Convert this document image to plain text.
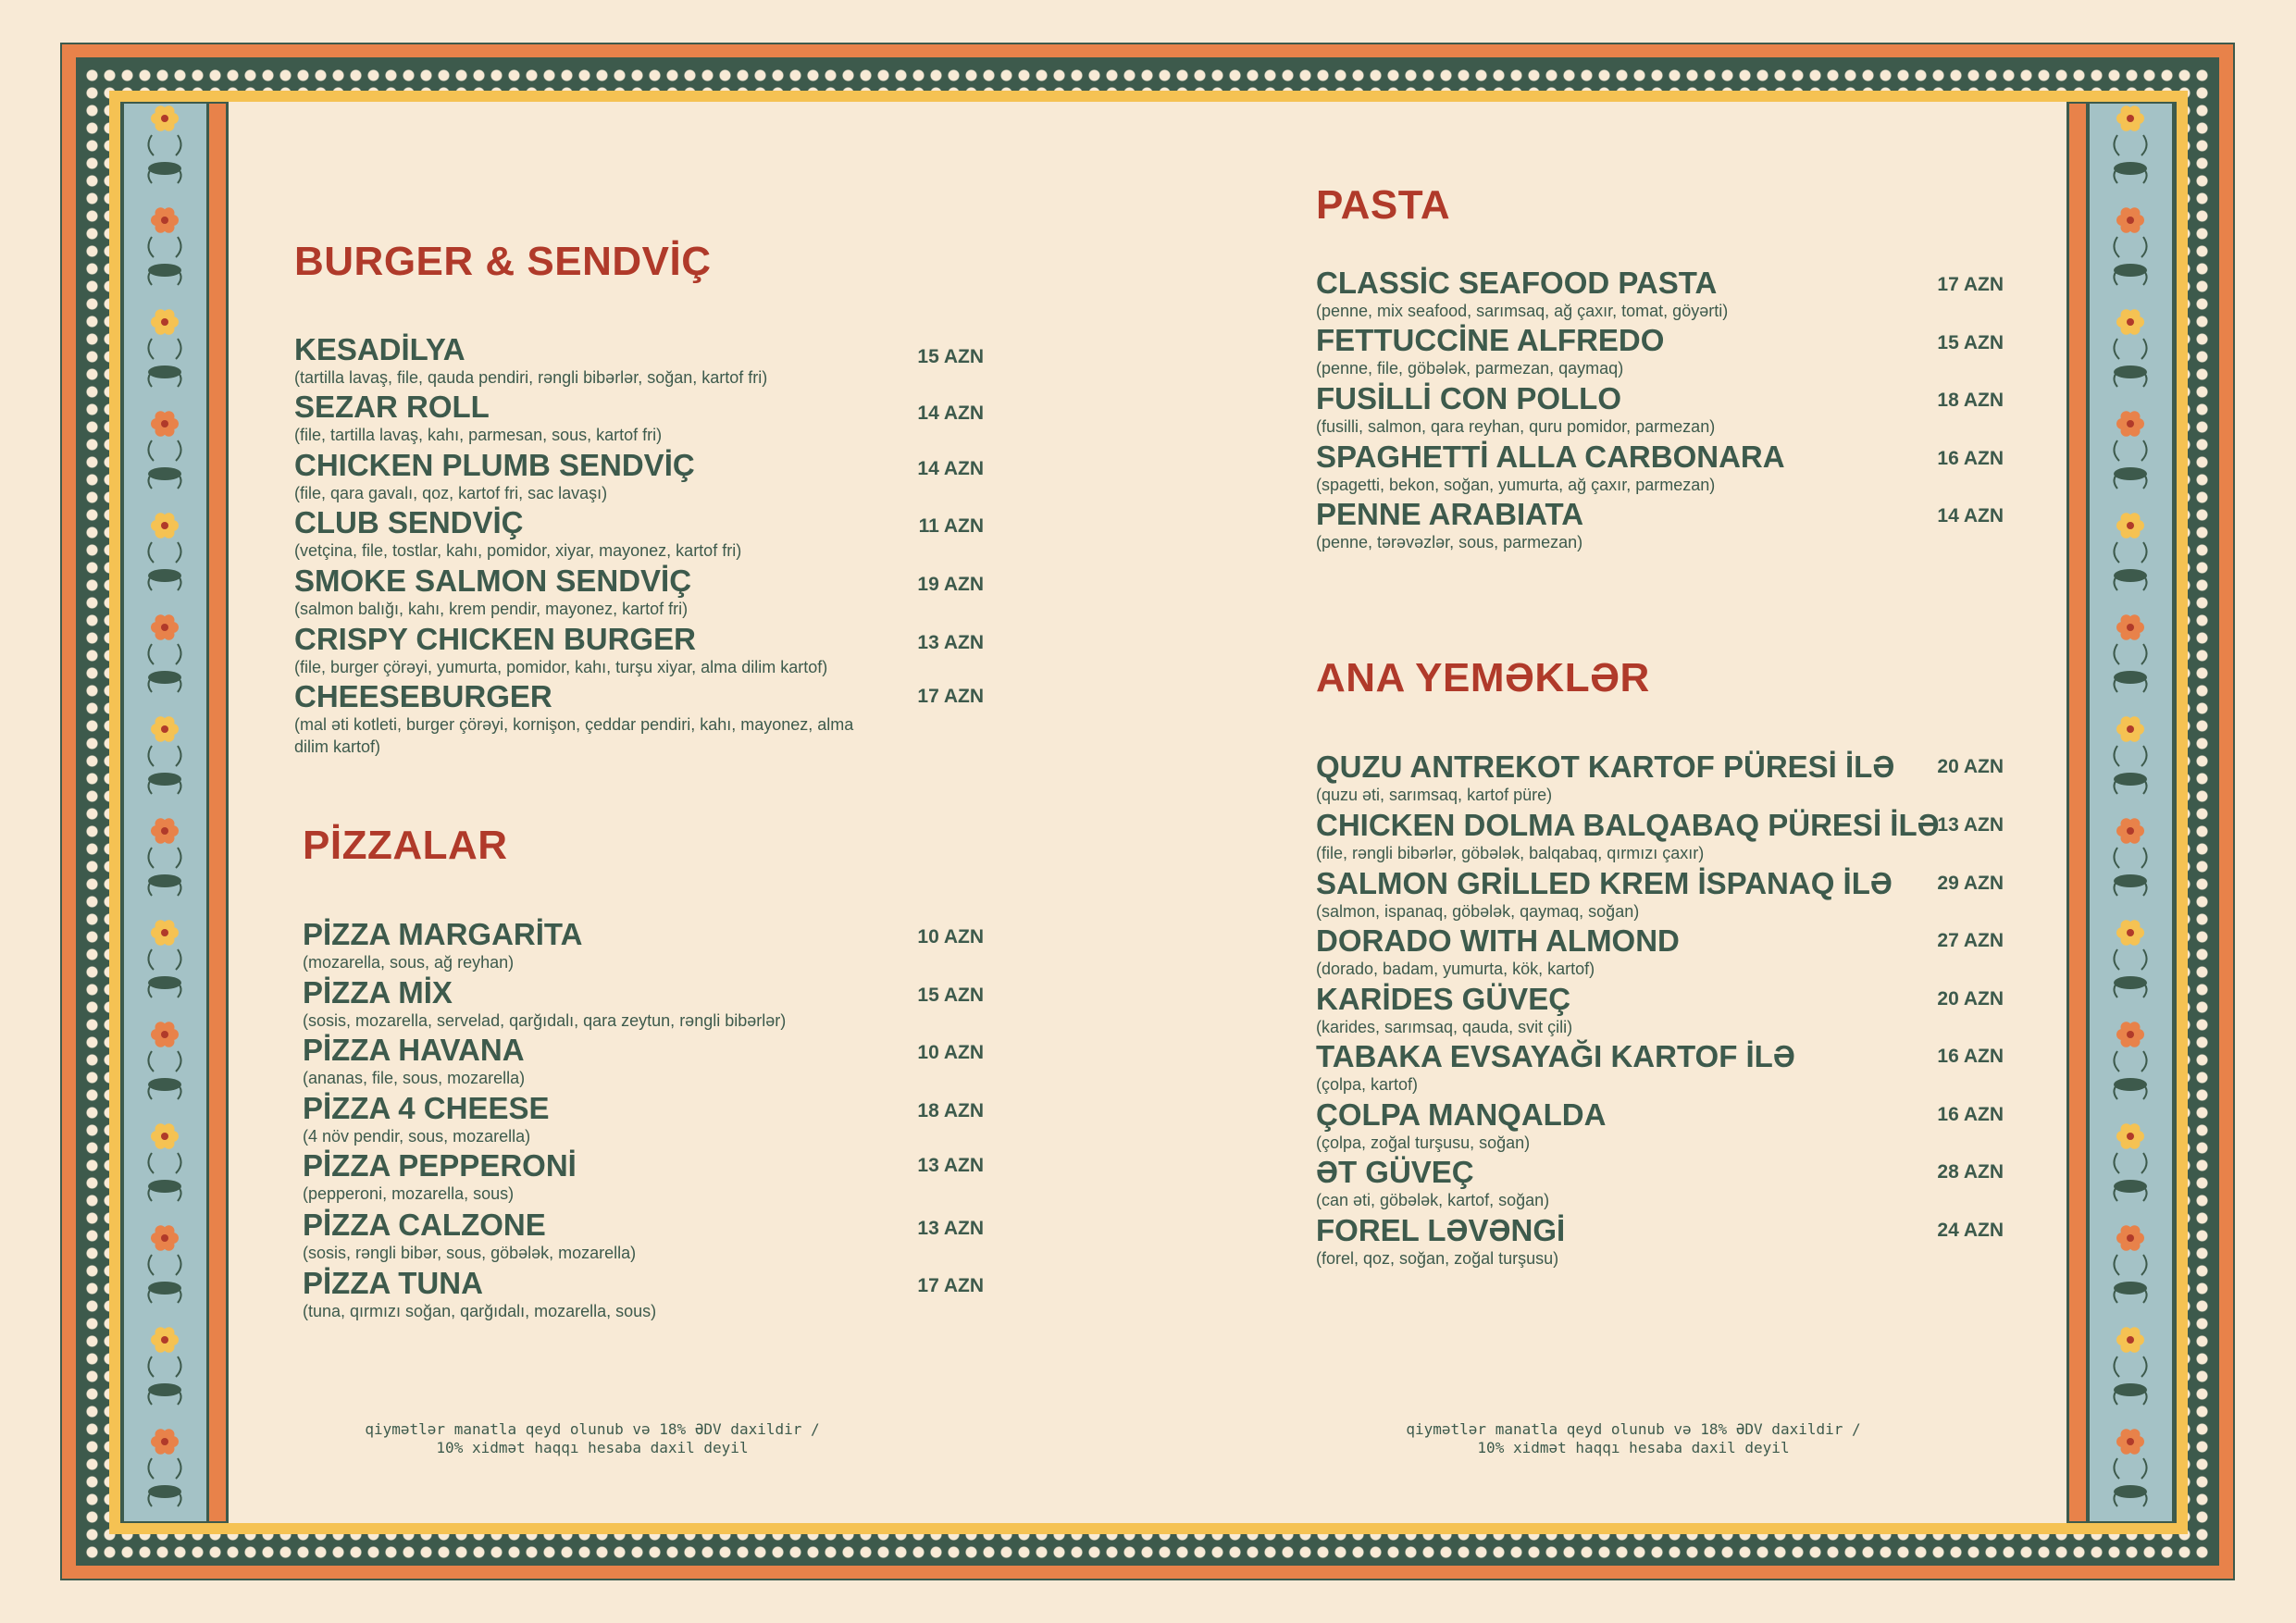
BURGER & SENDVİÇ
KESADİLYA
(tartilla lavaş, file, qauda pendiri, rəngli bibərlər, soğan, kartof fri)
15 AZN
SEZAR ROLL
(file, tartilla lavaş, kahı, parmesan, sous, kartof fri)
14 AZN
CHICKEN PLUMB SENDVİÇ
(file, qara gavalı, qoz, kartof fri, sac lavaşı)
14 AZN
CLUB SENDVİÇ
(vetçina, file, tostlar, kahı, pomidor, xiyar, mayonez, kartof fri)
11 AZN
SMOKE SALMON SENDVİÇ
(salmon balığı, kahı, krem pendir, mayonez, kartof fri)
19 AZN
CRISPY CHICKEN BURGER
(file, burger çörəyi, yumurta, pomidor, kahı, turşu xiyar, alma dilim kartof)
13 AZN
CHEESEBURGER
(mal əti kotleti, burger çörəyi, kornişon, çeddar pendiri, kahı, mayonez, alma dilim kartof)
17 AZN
PİZZALAR
PİZZA MARGARİTA
(mozarella, sous, ağ reyhan)
10 AZN
PİZZA MİX
(sosis, mozarella, servelad, qarğıdalı, qara zeytun, rəngli bibərlər)
15 AZN
PİZZA HAVANA
(ananas, file, sous, mozarella)
10 AZN
PİZZA 4 CHEESE
(4 növ pendir, sous, mozarella)
18 AZN
PİZZA PEPPERONİ
(pepperoni, mozarella, sous)
13 AZN
PİZZA CALZONE
(sosis, rəngli bibər, sous, göbələk, mozarella)
13 AZN
PİZZA TUNA
(tuna, qırmızı soğan, qarğıdalı, mozarella, sous)
17 AZN
qiymətlər manatla qeyd olunub və 18% ƏDV daxildir /
10% xidmət haqqı hesaba daxil deyil
PASTA
CLASSİC SEAFOOD PASTA
(penne, mix seafood, sarımsaq, ağ çaxır, tomat, göyərti)
17 AZN
FETTUCCİNE ALFREDO
(penne, file, göbələk, parmezan, qaymaq)
15 AZN
FUSİLLİ CON POLLO
(fusilli, salmon, qara reyhan, quru pomidor, parmezan)
18 AZN
SPAGHETTİ ALLA CARBONARA
(spagetti, bekon, soğan, yumurta, ağ çaxır, parmezan)
16 AZN
PENNE ARABIATA
(penne, tərəvəzlər, sous, parmezan)
14 AZN
ANA YEMƏKLƏR
QUZU ANTREKOT KARTOF PÜRESİ İLƏ
(quzu əti, sarımsaq, kartof püre)
20 AZN
CHICKEN DOLMA BALQABAQ PÜRESİ İLƏ
(file, rəngli bibərlər, göbələk, balqabaq, qırmızı çaxır)
13 AZN
SALMON GRİLLED KREM İSPANAQ İLƏ
(salmon, ispanaq, göbələk, qaymaq, soğan)
29 AZN
DORADO WITH ALMOND
(dorado, badam, yumurta, kök, kartof)
27 AZN
KARİDES GÜVEÇ
(karides, sarımsaq, qauda, svit çili)
20 AZN
TABAKA EVSAYAĞI KARTOF İLƏ
(çolpa, kartof)
16 AZN
ÇOLPA MANQALDA
(çolpa, zoğal turşusu, soğan)
16 AZN
ƏT GÜVEÇ
(can əti, göbələk, kartof, soğan)
28 AZN
FOREL LƏVƏNGİ
(forel, qoz, soğan, zoğal turşusu)
24 AZN
qiymətlər manatla qeyd olunub və 18% ƏDV daxildir /
10% xidmət haqqı hesaba daxil deyil
